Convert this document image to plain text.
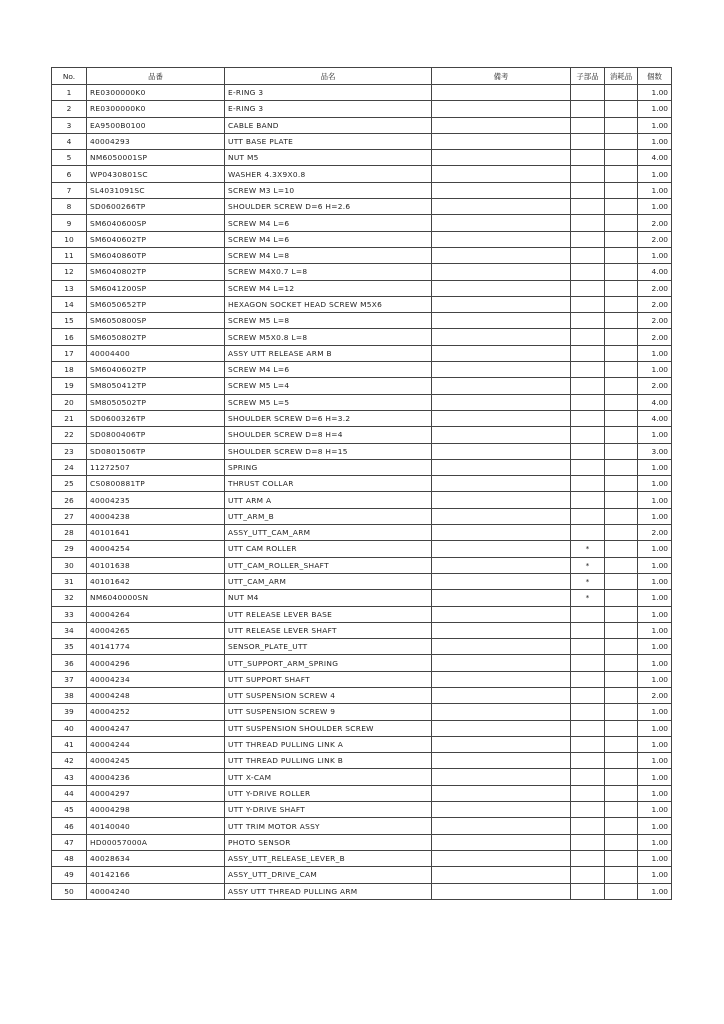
No.	品番	品名	備考	子部品	消耗品	個数
1	RE0300000K0	E-RING 3				1.00
2	RE0300000K0	E-RING 3				1.00
3	EA9500B0100	CABLE BAND				1.00
4	40004293	UTT BASE PLATE				1.00
5	NM6050001SP	NUT M5				4.00
6	WP0430801SC	WASHER 4.3X9X0.8				1.00
7	SL4031091SC	SCREW M3 L=10				1.00
8	SD0600266TP	SHOULDER SCREW D=6 H=2.6				1.00
9	SM6040600SP	SCREW M4 L=6				2.00
10	SM6040602TP	SCREW M4 L=6				2.00
11	SM6040860TP	SCREW M4 L=8				1.00
12	SM6040802TP	SCREW M4X0.7 L=8				4.00
13	SM6041200SP	SCREW M4 L=12				2.00
14	SM6050652TP	HEXAGON SOCKET HEAD SCREW M5X6				2.00
15	SM6050800SP	SCREW M5 L=8				2.00
16	SM6050802TP	SCREW M5X0.8 L=8				2.00
17	40004400	ASSY UTT RELEASE ARM B				1.00
18	SM6040602TP	SCREW M4 L=6				1.00
19	SM8050412TP	SCREW M5 L=4				2.00
20	SM8050502TP	SCREW M5 L=5				4.00
21	SD0600326TP	SHOULDER SCREW D=6 H=3.2				4.00
22	SD0800406TP	SHOULDER SCREW D=8 H=4				1.00
23	SD0801506TP	SHOULDER SCREW D=8 H=15				3.00
24	11272507	SPRING				1.00
25	CS0800881TP	THRUST COLLAR				1.00
26	40004235	UTT ARM A				1.00
27	40004238	UTT_ARM_B				1.00
28	40101641	ASSY_UTT_CAM_ARM				2.00
29	40004254	UTT CAM ROLLER		*		1.00
30	40101638	UTT_CAM_ROLLER_SHAFT		*		1.00
31	40101642	UTT_CAM_ARM		*		1.00
32	NM6040000SN	NUT M4		*		1.00
33	40004264	UTT RELEASE LEVER BASE				1.00
34	40004265	UTT RELEASE LEVER SHAFT				1.00
35	40141774	SENSOR_PLATE_UTT				1.00
36	40004296	UTT_SUPPORT_ARM_SPRING				1.00
37	40004234	UTT SUPPORT SHAFT				1.00
38	40004248	UTT SUSPENSION SCREW 4				2.00
39	40004252	UTT SUSPENSION SCREW 9				1.00
40	40004247	UTT SUSPENSION SHOULDER SCREW				1.00
41	40004244	UTT THREAD PULLING LINK A				1.00
42	40004245	UTT THREAD PULLING LINK B				1.00
43	40004236	UTT X-CAM				1.00
44	40004297	UTT Y-DRIVE ROLLER				1.00
45	40004298	UTT Y-DRIVE SHAFT				1.00
46	40140040	UTT TRIM MOTOR ASSY				1.00
47	HD00057000A	PHOTO SENSOR				1.00
48	40028634	ASSY_UTT_RELEASE_LEVER_B				1.00
49	40142166	ASSY_UTT_DRIVE_CAM				1.00
50	40004240	ASSY UTT THREAD PULLING ARM				1.00
